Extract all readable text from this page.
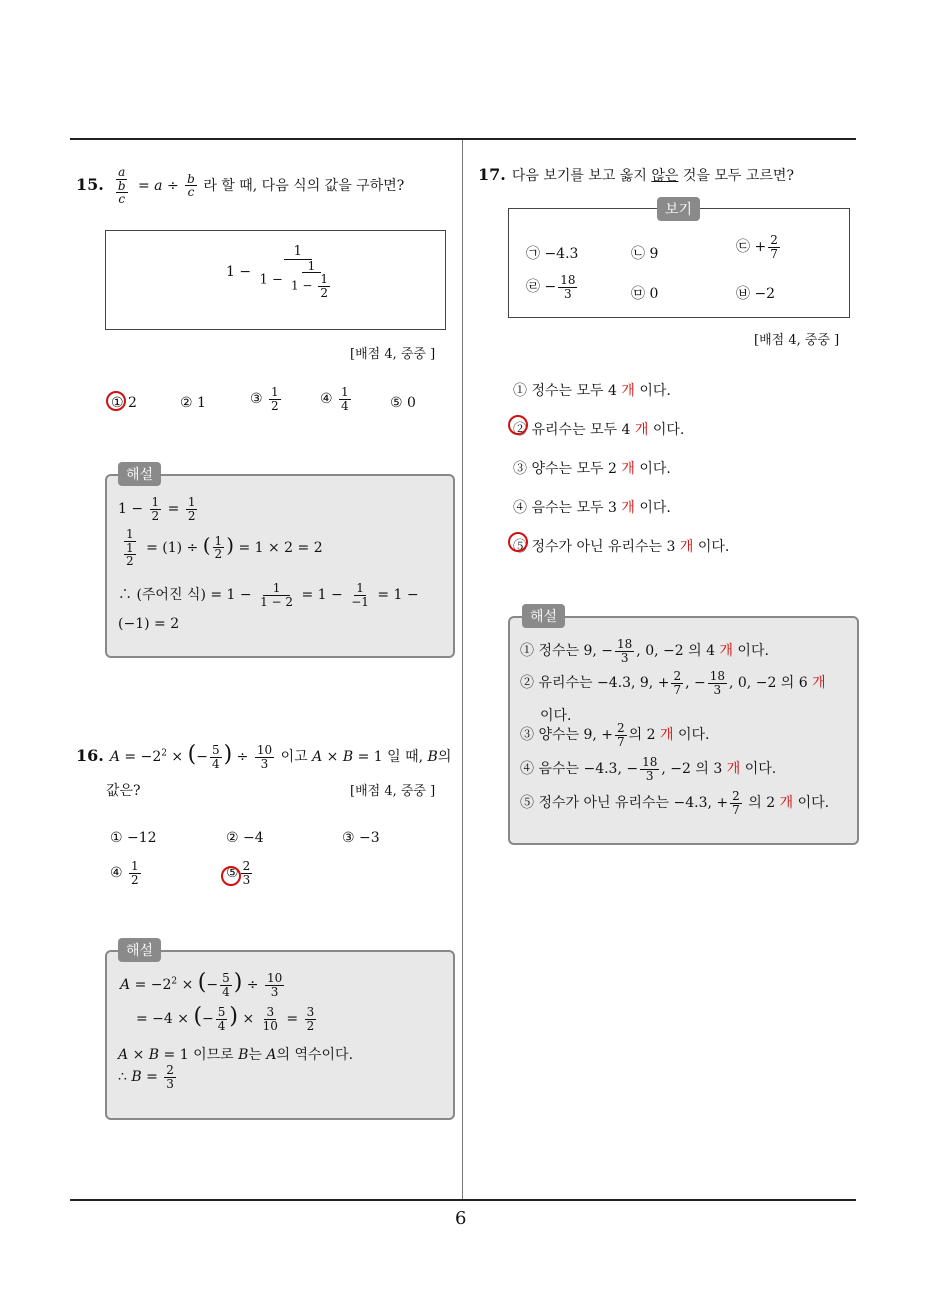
6
15. $\frac{a}{\frac{b}{c}} = a \div \frac{b}{c}$ 라 할 때, 다음 식의 값을 구하면?
$1 - \frac{1}{1 - \frac{1}{1 - \frac{1}{2}}}$
[배점 4, 중중 ]
① 2	② 1	③ $\frac{1}{2}$	④ $\frac{1}{4}$	⑤ 0
해설
$1 - \frac{1}{2} = \frac{1}{2}$
$\frac{1}{\frac{1}{2}} = (1)$ ÷ ( $\frac{1}{2}$ ) = 1 × 2 = 2
∴ (주어진 식) = $1 - \frac{1}{1 - 2} = 1 - \frac{1}{-1} = 1$ −
(−1) = 2
16. $A = -2^2$ × (− $\frac{5}{4}$ ) ÷ $\frac{10}{3}$ 이고 A × B = 1 일 때, B의
값은?	[배점 4, 중중 ]
① −12	② −4	③ −3
④ $\frac{1}{2}$	⑤ $\frac{2}{3}$
해설
$A = -2^2$ × (− $\frac{5}{4}$ ) ÷ $\frac{10}{3}$
= −4 × (− $\frac{5}{4}$ ) × $\frac{3}{10} = \frac{3}{2}$
A × B = 1 이므로 B는 A의 역수이다.
∴ $B = \frac{2}{3}$
17. 다음 보기를 보고 옳지 않은 것을 모두 고르면?
보기
㉠ −4.3	㉡ 9	㉢ + $\frac{2}{7}$
㉣ − $\frac{18}{3}$	㉤ 0	㉥ −2
[배점 4, 중중 ]
① 정수는 모두 4 개 이다.
② 유리수는 모두 4 개 이다.
③ 양수는 모두 2 개 이다.
④ 음수는 모두 3 개 이다.
⑤ 정수가 아닌 유리수는 3 개 이다.
해설
① 정수는 9, − $\frac{18}{3}$ , 0, −2 의 4 개 이다.
② 유리수는 −4.3, 9, + $\frac{2}{7}$ , − $\frac{18}{3}$ , 0, −2 의 6 개
이다.
③ 양수는 9, + $\frac{2}{7}$ 의 2 개 이다.
④ 음수는 −4.3, − $\frac{18}{3}$ , −2 의 3 개 이다.
⑤ 정수가 아닌 유리수는 −4.3, + $\frac{2}{7}$ 의 2 개 이다.
